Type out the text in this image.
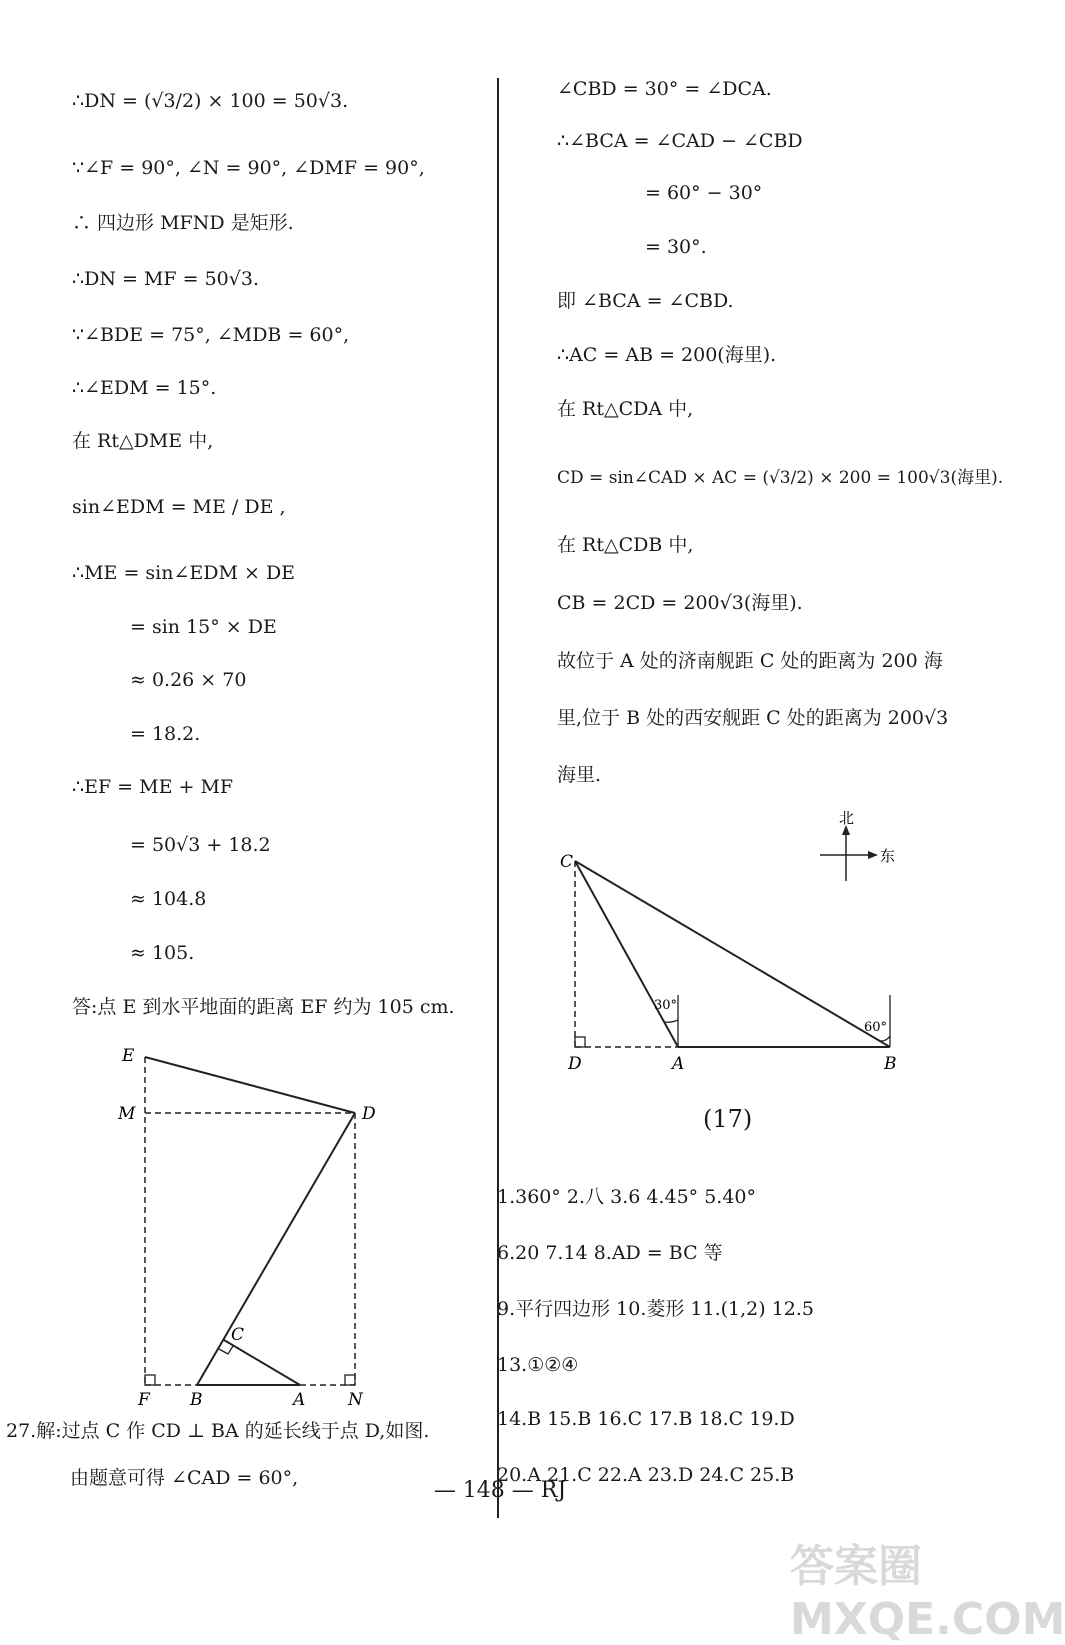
∴DN = (√3/2) × 100 = 50√3.
∵∠F = 90°, ∠N = 90°, ∠DMF = 90°,
∴ 四边形 MFND 是矩形.
∴DN = MF = 50√3.
∵∠BDE = 75°, ∠MDB = 60°,
∴∠EDM = 15°.
在 Rt△DME 中,
sin∠EDM = ME / DE ,
∴ME = sin∠EDM × DE
= sin 15° × DE
≈ 0.26 × 70
= 18.2.
∴EF = ME + MF
= 50√3 + 18.2
≈ 104.8
≈ 105.
答:点 E 到水平地面的距离 EF 约为 105 cm.
E
M	D
C
F B	A	N
27.解:过点 C 作 CD ⊥ BA 的延长线于点 D,如图.
由题意可得 ∠CAD = 60°,
∠CBD = 30° = ∠DCA.
∴∠BCA = ∠CAD − ∠CBD
= 60° − 30°
= 30°.
即 ∠BCA = ∠CBD.
∴AC = AB = 200(海里).
在 Rt△CDA 中,
CD = sin∠CAD × AC = (√3/2) × 200 = 100√3(海里).
在 Rt△CDB 中,
CB = 2CD = 200√3(海里).
故位于 A 处的济南舰距 C 处的距离为 200 海
里,位于 B 处的西安舰距 C 处的距离为 200√3
海里.
北
东
C
D	A	B
30°
60°
(17)
1.360° 2.八 3.6 4.45° 5.40°
6.20 7.14 8.AD = BC 等
9.平行四边形 10.菱形 11.(1,2) 12.5
13.①②④
14.B 15.B 16.C 17.B 18.C 19.D
20.A 21.C 22.A 23.D 24.C 25.B
— 148 — RJ
答案圈 MXQE.COM
